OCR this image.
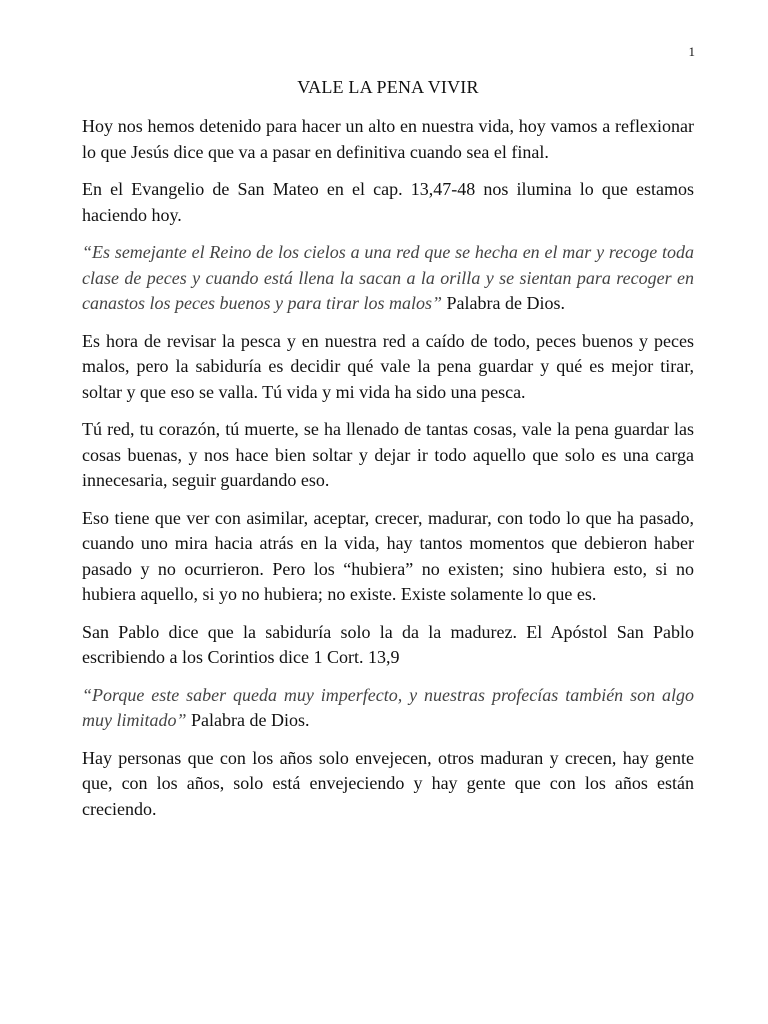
1
VALE LA PENA VIVIR

Hoy nos hemos detenido para hacer un alto en nuestra vida, hoy vamos a reflexionar lo que Jesús dice que va a pasar en definitiva cuando sea el final.

En el Evangelio de San Mateo en el cap. 13,47-48 nos ilumina lo que estamos haciendo hoy.

“Es semejante el Reino de los cielos a una red que se hecha en el mar y recoge toda clase de peces y cuando está llena la sacan a la orilla y se sientan para recoger en canastos los peces buenos y para tirar los malos” Palabra de Dios.

Es hora de revisar la pesca y en nuestra red a caído de todo, peces buenos y peces malos, pero la sabiduría es decidir qué vale la pena guardar y qué es mejor tirar, soltar y que eso se valla. Tú vida y mi vida ha sido una pesca.

Tú red, tu corazón, tú muerte, se ha llenado de tantas cosas, vale la pena guardar las cosas buenas, y nos hace bien soltar y dejar ir todo aquello que solo es una carga innecesaria, seguir guardando eso.

Eso tiene que ver con asimilar, aceptar, crecer, madurar, con todo lo que ha pasado, cuando uno mira hacia atrás en la vida, hay tantos momentos que debieron haber pasado y no ocurrieron. Pero los “hubiera” no existen; sino hubiera esto, si no hubiera aquello, si yo no hubiera; no existe. Existe solamente lo que es.

San Pablo dice que la sabiduría solo la da la madurez. El Apóstol San Pablo escribiendo a los Corintios dice 1 Cort. 13,9

“Porque este saber queda muy imperfecto, y nuestras profecías también son algo muy limitado” Palabra de Dios.

Hay personas que con los años solo envejecen, otros maduran y crecen, hay gente que, con los años, solo está envejeciendo y hay gente que con los años están creciendo.
